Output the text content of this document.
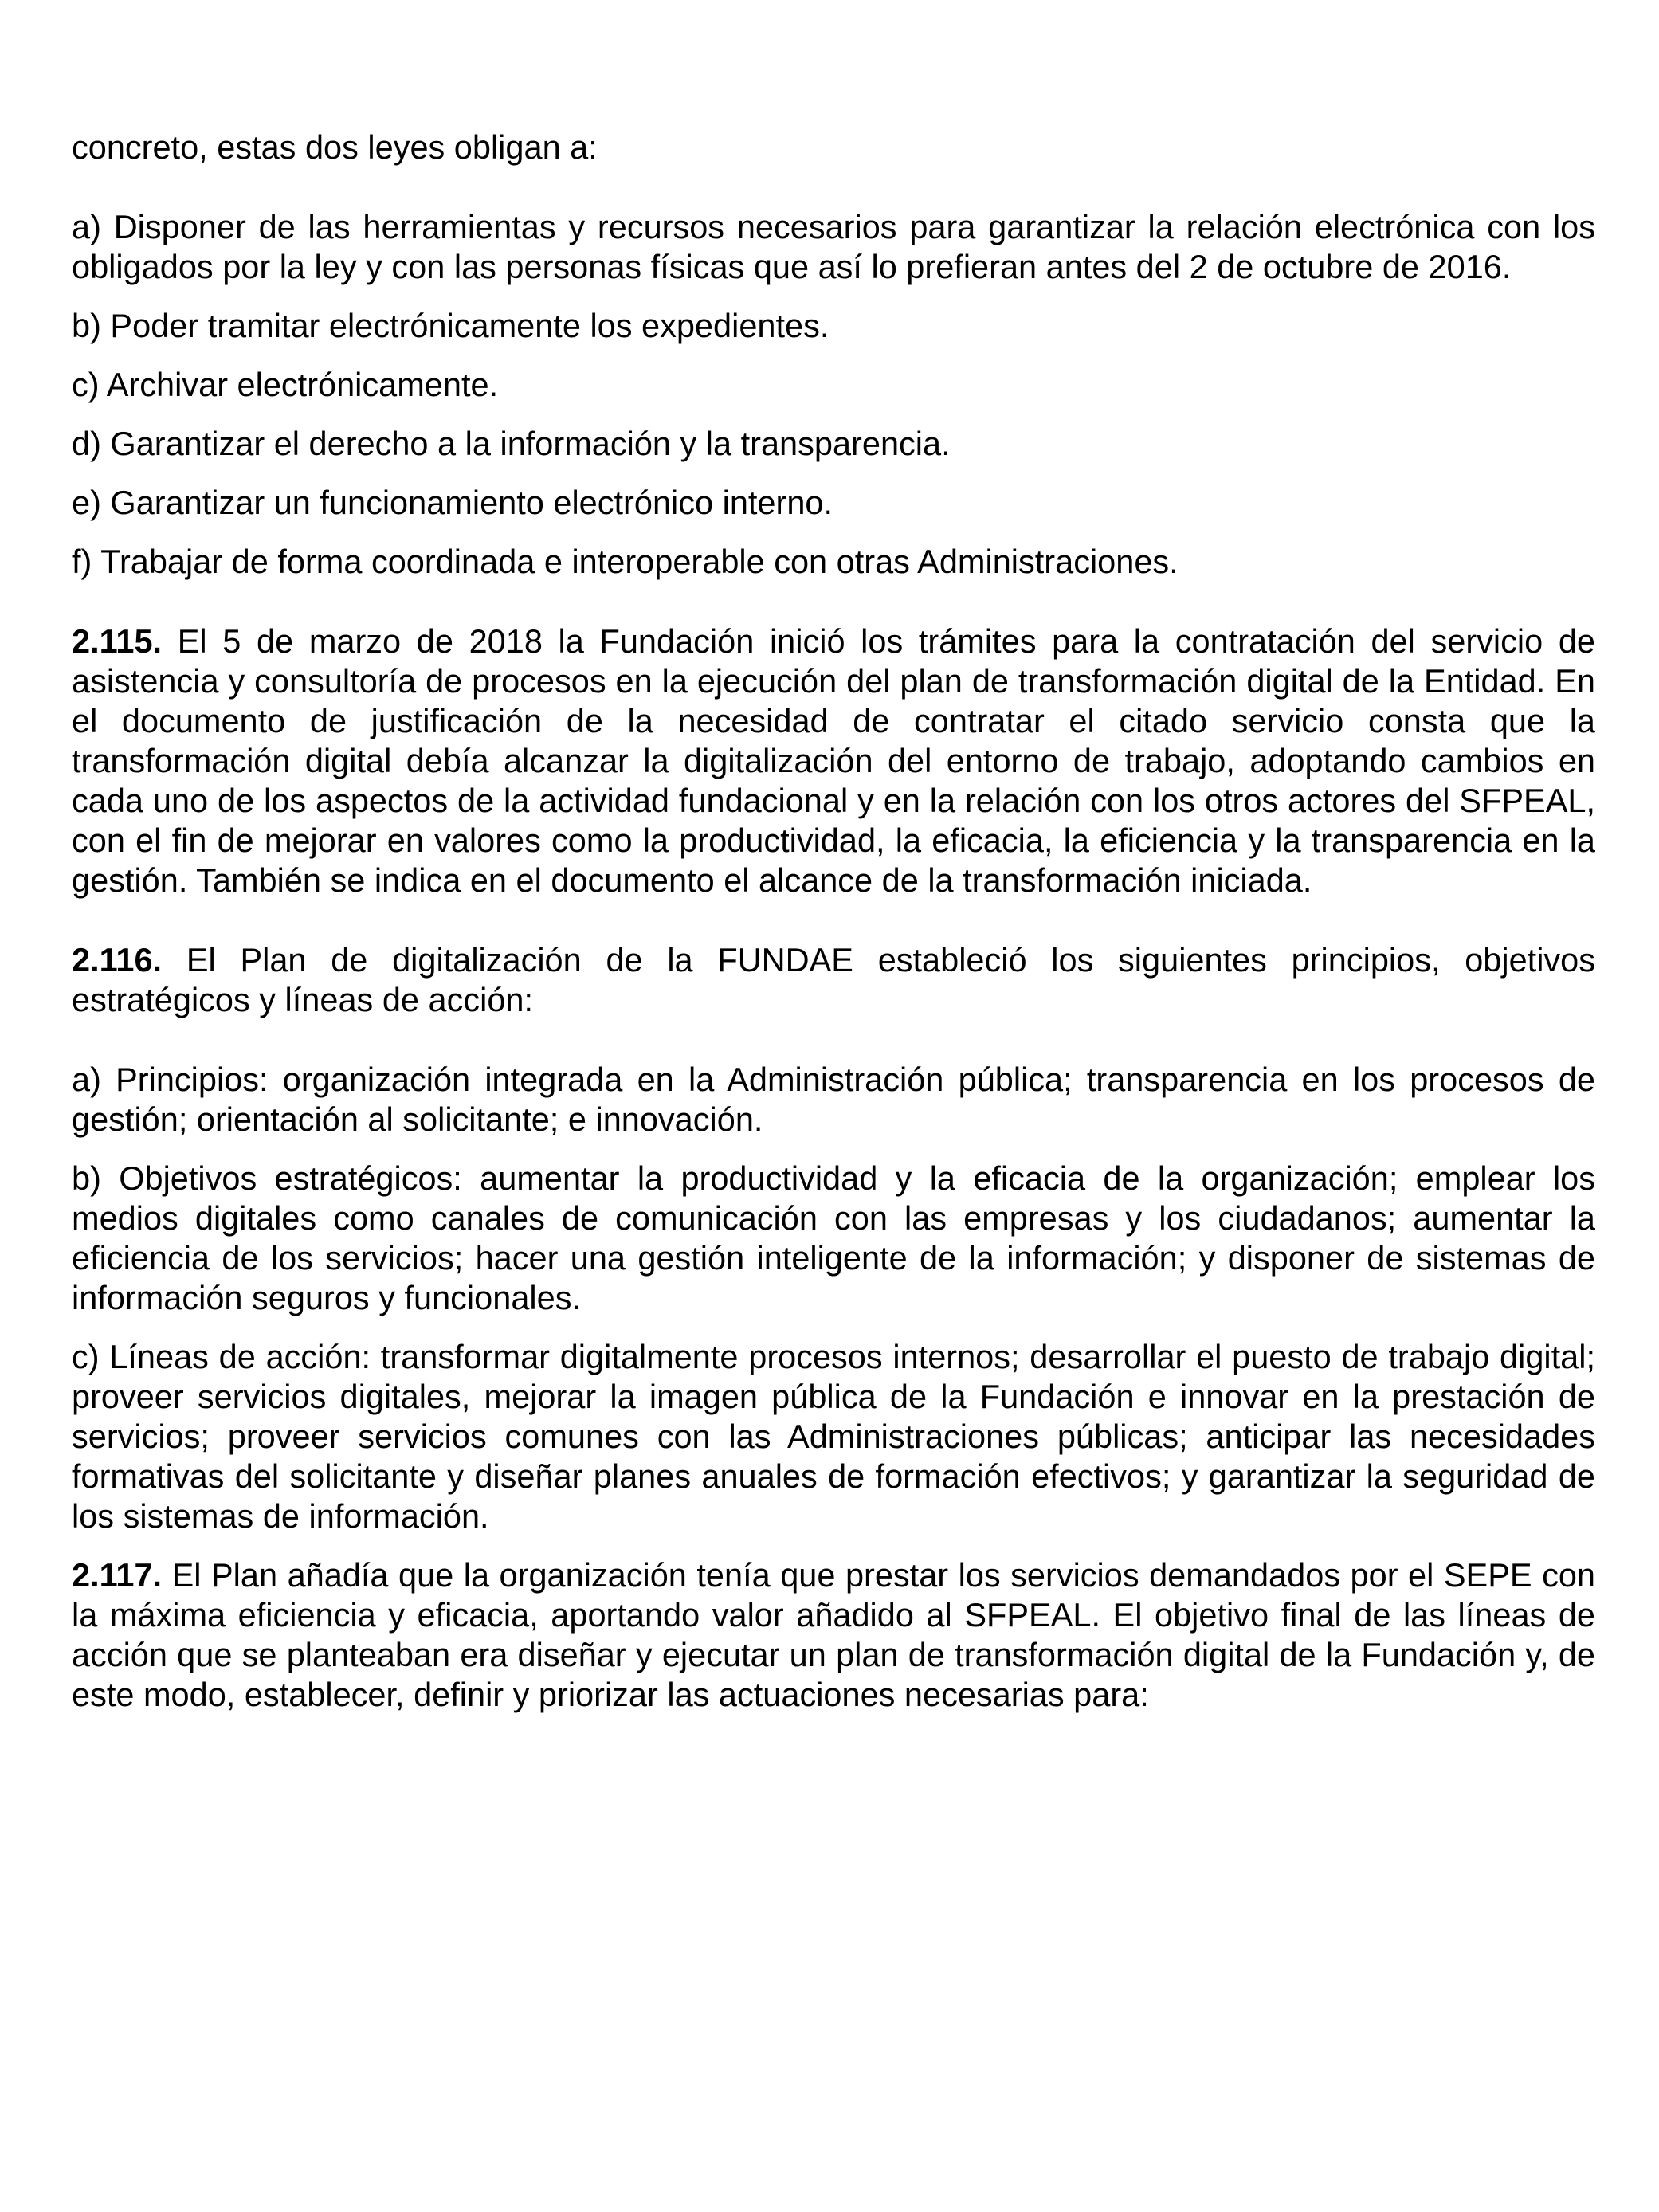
concreto, estas dos leyes obligan a:

a) Disponer de las herramientas y recursos necesarios para garantizar la relación electrónica con los obligados por la ley y con las personas físicas que así lo prefieran antes del 2 de octubre de 2016.

b) Poder tramitar electrónicamente los expedientes.

c) Archivar electrónicamente.

d) Garantizar el derecho a la información y la transparencia.

e) Garantizar un funcionamiento electrónico interno.

f) Trabajar de forma coordinada e interoperable con otras Administraciones.

2.115. El 5 de marzo de 2018 la Fundación inició los trámites para la contratación del servicio de asistencia y consultoría de procesos en la ejecución del plan de transformación digital de la Entidad. En el documento de justificación de la necesidad de contratar el citado servicio consta que la transformación digital debía alcanzar la digitalización del entorno de trabajo, adoptando cambios en cada uno de los aspectos de la actividad fundacional y en la relación con los otros actores del SFPEAL, con el fin de mejorar en valores como la productividad, la eficacia, la eficiencia y la transparencia en la gestión. También se indica en el documento el alcance de la transformación iniciada.

2.116. El Plan de digitalización de la FUNDAE estableció los siguientes principios, objetivos estratégicos y líneas de acción:

a) Principios: organización integrada en la Administración pública; transparencia en los procesos de gestión; orientación al solicitante; e innovación.

b) Objetivos estratégicos: aumentar la productividad y la eficacia de la organización; emplear los medios digitales como canales de comunicación con las empresas y los ciudadanos; aumentar la eficiencia de los servicios; hacer una gestión inteligente de la información; y disponer de sistemas de información seguros y funcionales.

c) Líneas de acción: transformar digitalmente procesos internos; desarrollar el puesto de trabajo digital; proveer servicios digitales, mejorar la imagen pública de la Fundación e innovar en la prestación de servicios; proveer servicios comunes con las Administraciones públicas; anticipar las necesidades formativas del solicitante y diseñar planes anuales de formación efectivos; y garantizar la seguridad de los sistemas de información.

2.117. El Plan añadía que la organización tenía que prestar los servicios demandados por el SEPE con la máxima eficiencia y eficacia, aportando valor añadido al SFPEAL. El objetivo final de las líneas de acción que se planteaban era diseñar y ejecutar un plan de transformación digital de la Fundación y, de este modo, establecer, definir y priorizar las actuaciones necesarias para:
